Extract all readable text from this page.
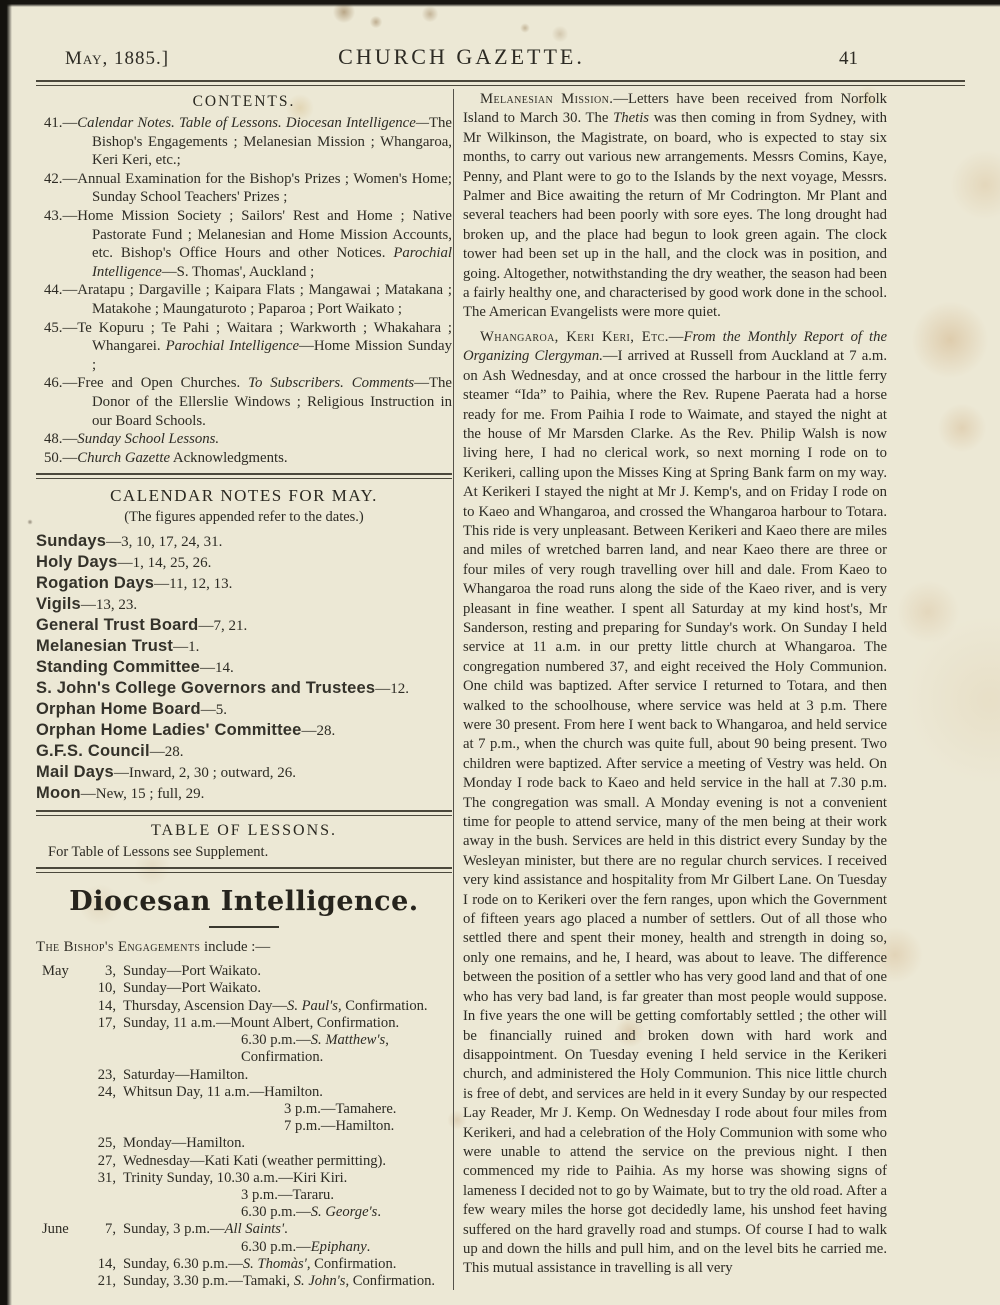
May, 1885.]	CHURCH GAZETTE.	41
CONTENTS.
41.—Calendar Notes. Table of Lessons. Diocesan Intelligence—The Bishop's Engagements ; Melanesian Mission ; Whangaroa, Keri Keri, etc.;
42.—Annual Examination for the Bishop's Prizes ; Women's Home; Sunday School Teachers' Prizes ;
43.—Home Mission Society ; Sailors' Rest and Home ; Native Pastorate Fund ; Melanesian and Home Mission Accounts, etc. Bishop's Office Hours and other Notices. Parochial Intelligence—S. Thomas', Auckland ;
44.—Aratapu ; Dargaville ; Kaipara Flats ; Mangawai ; Matakana ; Matakohe ; Maungaturoto ; Paparoa ; Port Waikato ;
45.—Te Kopuru ; Te Pahi ; Waitara ; Warkworth ; Whakahara ; Whangarei. Parochial Intelligence—Home Mission Sunday ;
46.—Free and Open Churches. To Subscribers. Comments—The Donor of the Ellerslie Windows ; Religious Instruction in our Board Schools.
48.—Sunday School Lessons.
50.—Church Gazette Acknowledgments.
CALENDAR NOTES FOR MAY.
(The figures appended refer to the dates.)
Sundays—3, 10, 17, 24, 31.
Holy Days—1, 14, 25, 26.
Rogation Days—11, 12, 13.
Vigils—13, 23.
General Trust Board—7, 21.
Melanesian Trust—1.
Standing Committee—14.
S. John's College Governors and Trustees—12.
Orphan Home Board—5.
Orphan Home Ladies' Committee—28.
G.F.S. Council—28.
Mail Days—Inward, 2, 30 ; outward, 26.
Moon—New, 15 ; full, 29.
TABLE OF LESSONS.
For Table of Lessons see Supplement.
Diocesan Intelligence.
The Bishop's Engagements include :—
May	3, Sunday—Port Waikato.
10, Sunday—Port Waikato.
14, Thursday, Ascension Day—S. Paul's, Confirmation.
17, Sunday, 11 a.m.—Mount Albert, Confirmation.
6.30 p.m.—S. Matthew's, Confirmation.
23, Saturday—Hamilton.
24, Whitsun Day, 11 a.m.—Hamilton.
3 p.m.—Tamahere.
7 p.m.—Hamilton.
25, Monday—Hamilton.
27, Wednesday—Kati Kati (weather permitting).
31, Trinity Sunday, 10.30 a.m.—Kiri Kiri.
3 p.m.—Tararu.
6.30 p.m.—S. George's.
June	7, Sunday, 3 p.m.—All Saints'.
6.30 p.m.—Epiphany.
14, Sunday, 6.30 p.m.—S. Thomàs', Confirmation.
21, Sunday, 3.30 p.m.—Tamaki, S. John's, Confirmation.

Melanesian Mission.—Letters have been received from Norfolk Island to March 30. The Thetis was then coming in from Sydney, with Mr Wilkinson, the Magistrate, on board, who is expected to stay six months, to carry out various new arrangements. Messrs Comins, Kaye, Penny, and Plant were to go to the Islands by the next voyage, Messrs. Palmer and Bice awaiting the return of Mr Codrington. Mr Plant and several teachers had been poorly with sore eyes. The long drought had broken up, and the place had begun to look green again. The clock tower had been set up in the hall, and the clock was in position, and going. Altogether, notwithstanding the dry weather, the season had been a fairly healthy one, and characterised by good work done in the school. The American Evangelists were more quiet.

Whangaroa, Keri Keri, Etc.—From the Monthly Report of the Organizing Clergyman.—I arrived at Russell from Auckland at 7 a.m. on Ash Wednesday, and at once crossed the harbour in the little ferry steamer “Ida” to Paihia, where the Rev. Rupene Paerata had a horse ready for me. From Paihia I rode to Waimate, and stayed the night at the house of Mr Marsden Clarke. As the Rev. Philip Walsh is now living here, I had no clerical work, so next morning I rode on to Kerikeri, calling upon the Misses King at Spring Bank farm on my way. At Kerikeri I stayed the night at Mr J. Kemp's, and on Friday I rode on to Kaeo and Whangaroa, and crossed the Whangaroa harbour to Totara. This ride is very unpleasant. Between Kerikeri and Kaeo there are miles and miles of wretched barren land, and near Kaeo there are three or four miles of very rough travelling over hill and dale. From Kaeo to Whangaroa the road runs along the side of the Kaeo river, and is very pleasant in fine weather. I spent all Saturday at my kind host's, Mr Sanderson, resting and preparing for Sunday's work. On Sunday I held service at 11 a.m. in our pretty little church at Whangaroa. The congregation numbered 37, and eight received the Holy Communion. One child was baptized. After service I returned to Totara, and then walked to the schoolhouse, where service was held at 3 p.m. There were 30 present. From here I went back to Whangaroa, and held service at 7 p.m., when the church was quite full, about 90 being present. Two children were baptized. After service a meeting of Vestry was held. On Monday I rode back to Kaeo and held service in the hall at 7.30 p.m. The congregation was small. A Monday evening is not a convenient time for people to attend service, many of the men being at their work away in the bush. Services are held in this district every Sunday by the Wesleyan minister, but there are no regular church services. I received very kind assistance and hospitality from Mr Gilbert Lane. On Tuesday I rode on to Kerikeri over the fern ranges, upon which the Government of fifteen years ago placed a number of settlers. Out of all those who settled there and spent their money, health and strength in doing so, only one remains, and he, I heard, was about to leave. The difference between the position of a settler who has very good land and that of one who has very bad land, is far greater than most people would suppose. In five years the one will be getting comfortably settled ; the other will be financially ruined and broken down with hard work and disappointment. On Tuesday evening I held service in the Kerikeri church, and administered the Holy Communion. This nice little church is free of debt, and services are held in it every Sunday by our respected Lay Reader, Mr J. Kemp. On Wednesday I rode about four miles from Kerikeri, and had a celebration of the Holy Communion with some who were unable to attend the service on the previous night. I then commenced my ride to Paihia. As my horse was showing signs of lameness I decided not to go by Waimate, but to try the old road. After a few weary miles the horse got decidedly lame, his unshod feet having suffered on the hard gravelly road and stumps. Of course I had to walk up and down the hills and pull him, and on the level bits he carried me. This mutual assistance in travelling is all very
